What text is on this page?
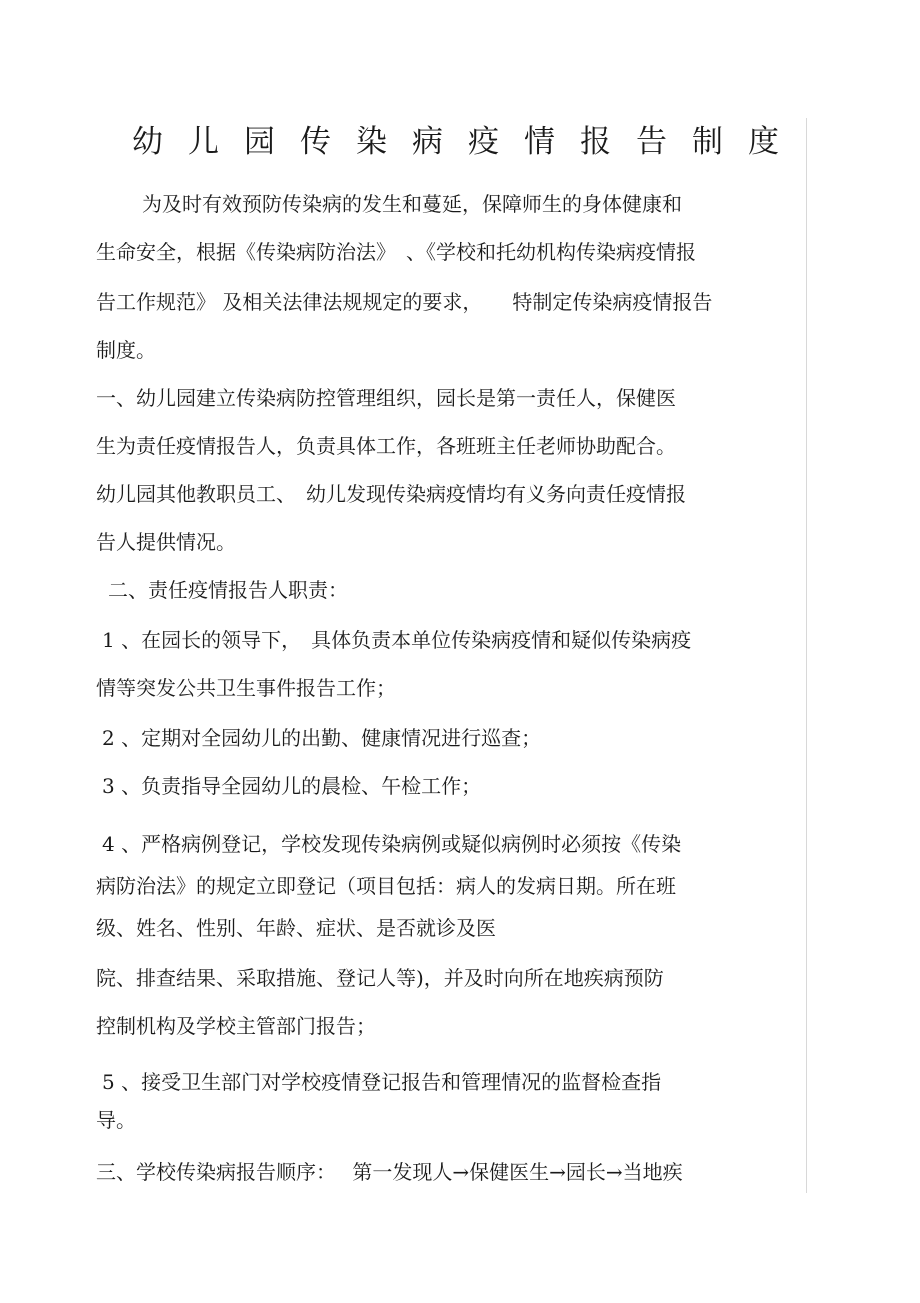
幼儿园传染病疫情报告制度
为及时有效预防传染病的发生和蔓延，保障师生的身体健康和
生命安全，根据《传染病防治法》　、《学校和托幼机构传染病疫情报
告工作规范》 及相关法律法规规定的要求，　　特制定传染病疫情报告
制度。
一、幼儿园建立传染病防控管理组织，园长是第一责任人，保健医
生为责任疫情报告人，负责具体工作，各班班主任老师协助配合。
幼儿园其他教职员工、　幼儿发现传染病疫情均有义务向责任疫情报
告人提供情况。
二、责任疫情报告人职责：
1 、在园长的领导下，　具体负责本单位传染病疫情和疑似传染病疫
情等突发公共卫生事件报告工作；
2 、定期对全园幼儿的出勤、健康情况进行巡查；
3 、负责指导全园幼儿的晨检、午检工作；
4 、严格病例登记，学校发现传染病例或疑似病例时必须按《传染
病防治法》的规定立即登记（项目包括：病人的发病日期。所在班
级、姓名、性别、年龄、症状、是否就诊及医
院、排查结果、采取措施、登记人等)，并及时向所在地疾病预防
控制机构及学校主管部门报告；
5 、接受卫生部门对学校疫情登记报告和管理情况的监督检查指
导。
三、学校传染病报告顺序：　 第一发现人→保健医生→园长→当地疾
